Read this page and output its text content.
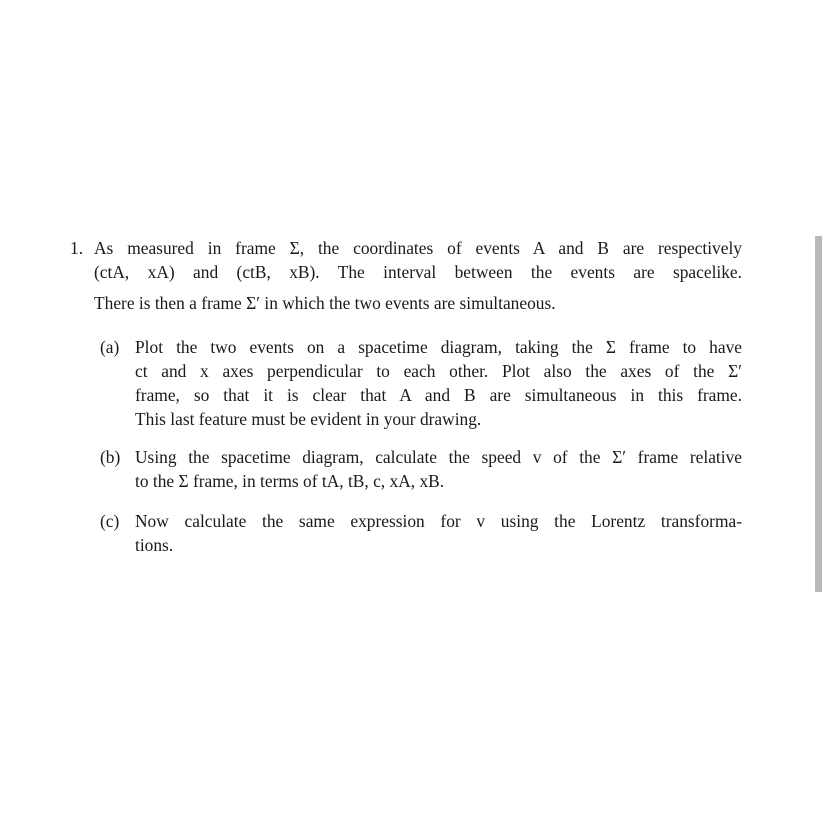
1. As measured in frame Σ, the coordinates of events A and B are respectively
(ctA, xA) and (ctB, xB). The interval between the events are spacelike.
There is then a frame Σ′ in which the two events are simultaneous.
(a) Plot the two events on a spacetime diagram, taking the Σ frame to have
ct and x axes perpendicular to each other. Plot also the axes of the Σ′
frame, so that it is clear that A and B are simultaneous in this frame.
This last feature must be evident in your drawing.
(b) Using the spacetime diagram, calculate the speed v of the Σ′ frame relative
to the Σ frame, in terms of tA, tB, c, xA, xB.
(c) Now calculate the same expression for v using the Lorentz transforma-
tions.
